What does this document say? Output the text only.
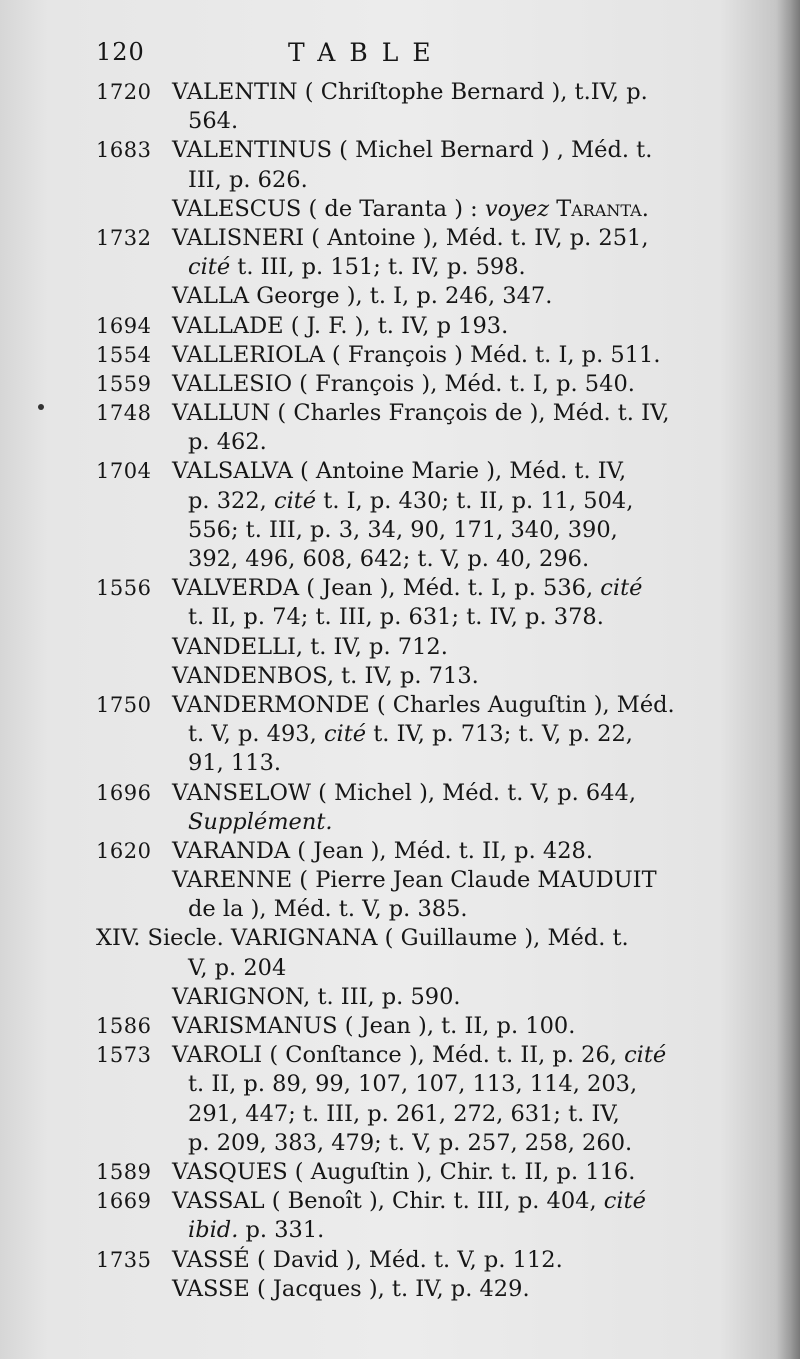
120	TABLE
1720 VALENTIN ( Chriſtophe Bernard ), t.IV, p.
564.
1683 VALENTINUS ( Michel Bernard ) , Méd. t.
III, p. 626.
VALESCUS ( de Taranta ) : voyez Taranta.
1732 VALISNERI ( Antoine ), Méd. t. IV, p. 251,
cité t. III, p. 151; t. IV, p. 598.
VALLA George ), t. I, p. 246, 347.
1694 VALLADE ( J. F. ), t. IV, p 193.
1554 VALLERIOLA ( François ) Méd. t. I, p. 511.
1559 VALLESIO ( François ), Méd. t. I, p. 540.
1748 VALLUN ( Charles François de ), Méd. t. IV,
p. 462.
1704 VALSALVA ( Antoine Marie ), Méd. t. IV,
p. 322, cité t. I, p. 430; t. II, p. 11, 504,
556; t. III, p. 3, 34, 90, 171, 340, 390,
392, 496, 608, 642; t. V, p. 40, 296.
1556 VALVERDA ( Jean ), Méd. t. I, p. 536, cité
t. II, p. 74; t. III, p. 631; t. IV, p. 378.
VANDELLI, t. IV, p. 712.
VANDENBOS, t. IV, p. 713.
1750 VANDERMONDE ( Charles Auguſtin ), Méd.
t. V, p. 493, cité t. IV, p. 713; t. V, p. 22,
91, 113.
1696 VANSELOW ( Michel ), Méd. t. V, p. 644,
Supplément.
1620 VARANDA ( Jean ), Méd. t. II, p. 428.
VARENNE ( Pierre Jean Claude MAUDUIT
de la ), Méd. t. V, p. 385.
XIV. Siecle. VARIGNANA ( Guillaume ), Méd. t.
V, p. 204
VARIGNON, t. III, p. 590.
1586 VARISMANUS ( Jean ), t. II, p. 100.
1573 VAROLI ( Conſtance ), Méd. t. II, p. 26, cité
t. II, p. 89, 99, 107, 107, 113, 114, 203,
291, 447; t. III, p. 261, 272, 631; t. IV,
p. 209, 383, 479; t. V, p. 257, 258, 260.
1589 VASQUES ( Auguſtin ), Chir. t. II, p. 116.
1669 VASSAL ( Benoît ), Chir. t. III, p. 404, cité
ibid. p. 331.
1735 VASSÉ ( David ), Méd. t. V, p. 112.
VASSE ( Jacques ), t. IV, p. 429.
